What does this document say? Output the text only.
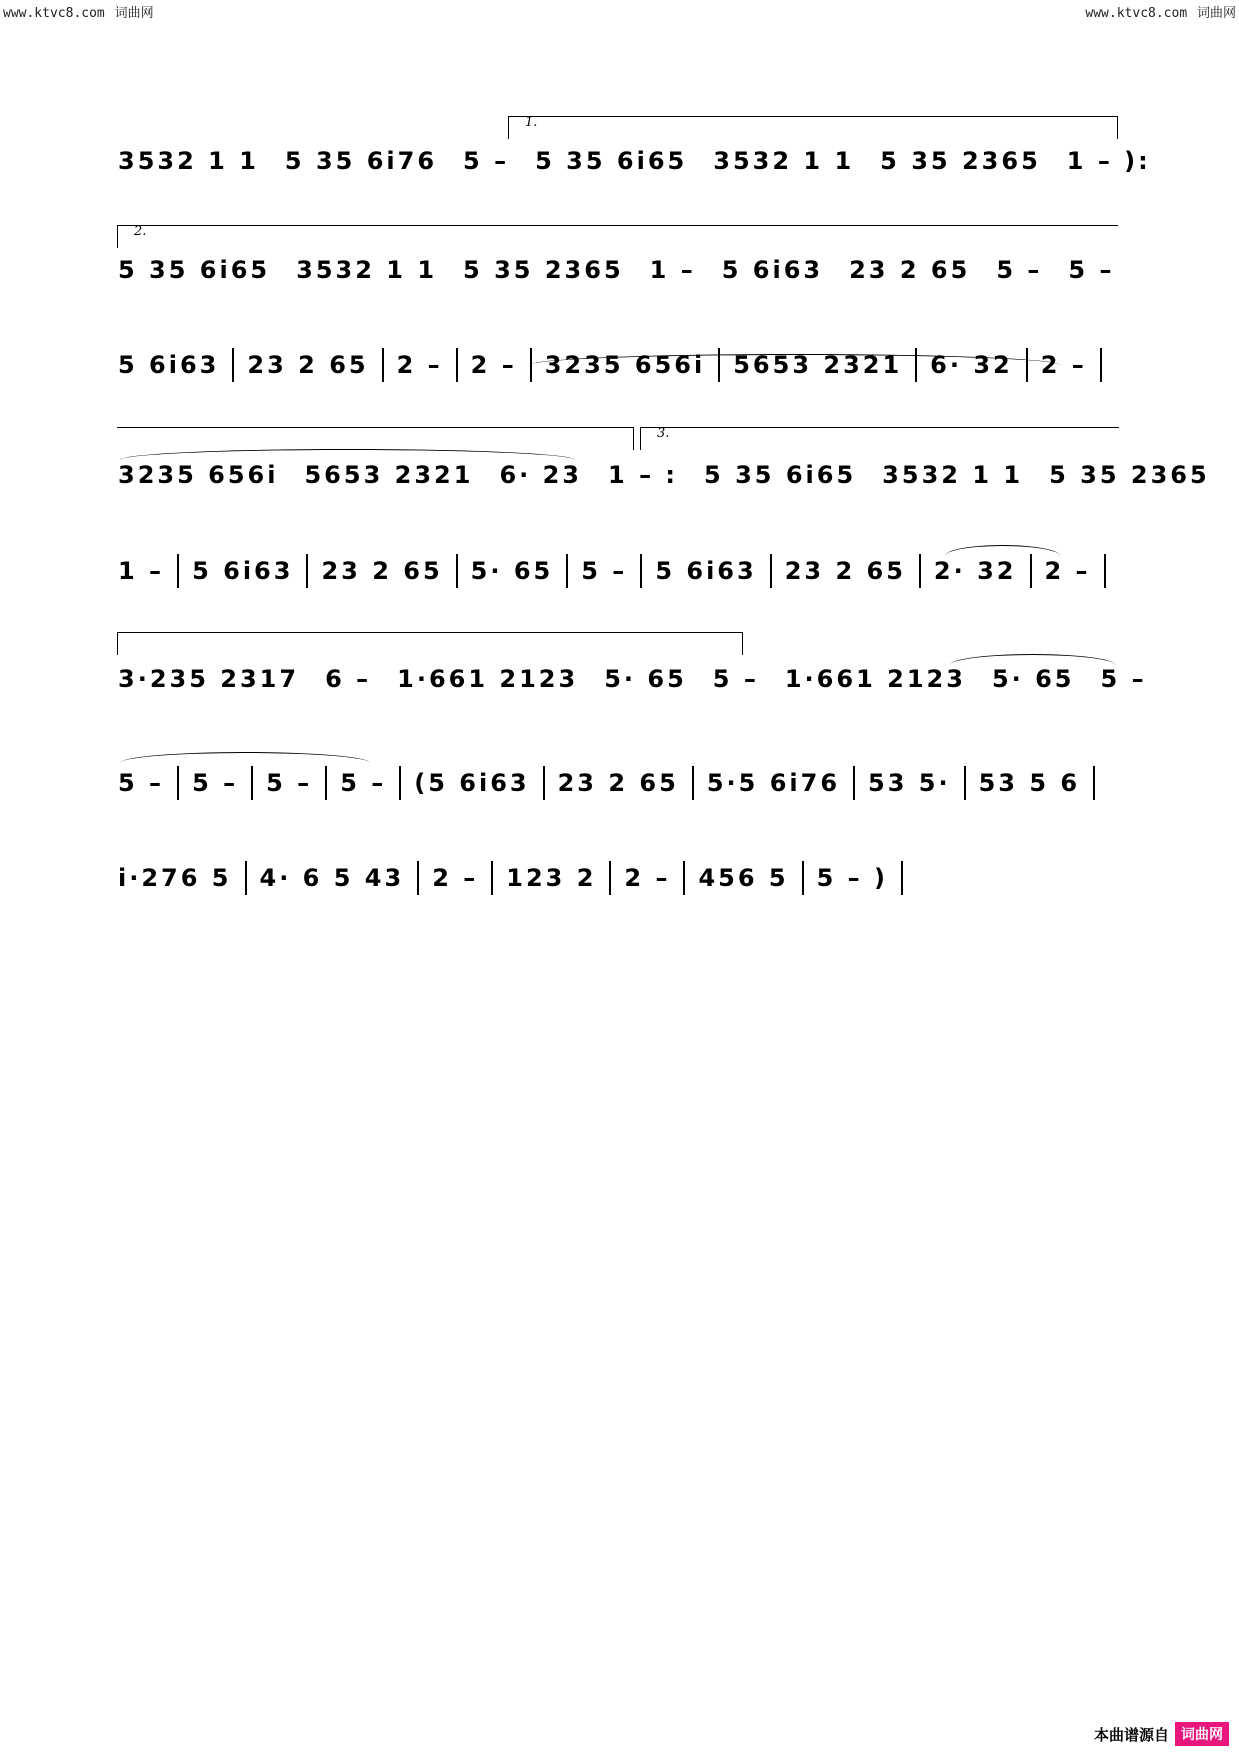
www.ktvc8.com 词曲网	www.ktvc8.com 词曲网
1.
2.
3.
3532 1 1 5 35 6i76 5 – 5 35 6i65 3532 1 1 5 35 2365 1 – ):
5 35 6i65 3532 1 1 5 35 2365 1 – 5 6i63 23 2 65 5 – 5 –
5 6i63 23 2 65 2 – 2 – 3235 656i 5653 2321 6· 32 2 –
3235 656i 5653 2321 6· 23 1 – : 5 35 6i65 3532 1 1 5 35 2365
1 – 5 6i63 23 2 65 5· 65 5 – 5 6i63 23 2 65 2· 32 2 –
3·235 2317 6 – 1·661 2123 5· 65 5 – 1·661 2123 5· 65 5 –
5 – 5 – 5 – 5 – (5 6i63 23 2 65 5·5 6i76 53 5· 53 5 6
i·276 5 4· 6 5 43 2 – 123 2 2 – 456 5 5 – )
本曲谱源自 词曲网
